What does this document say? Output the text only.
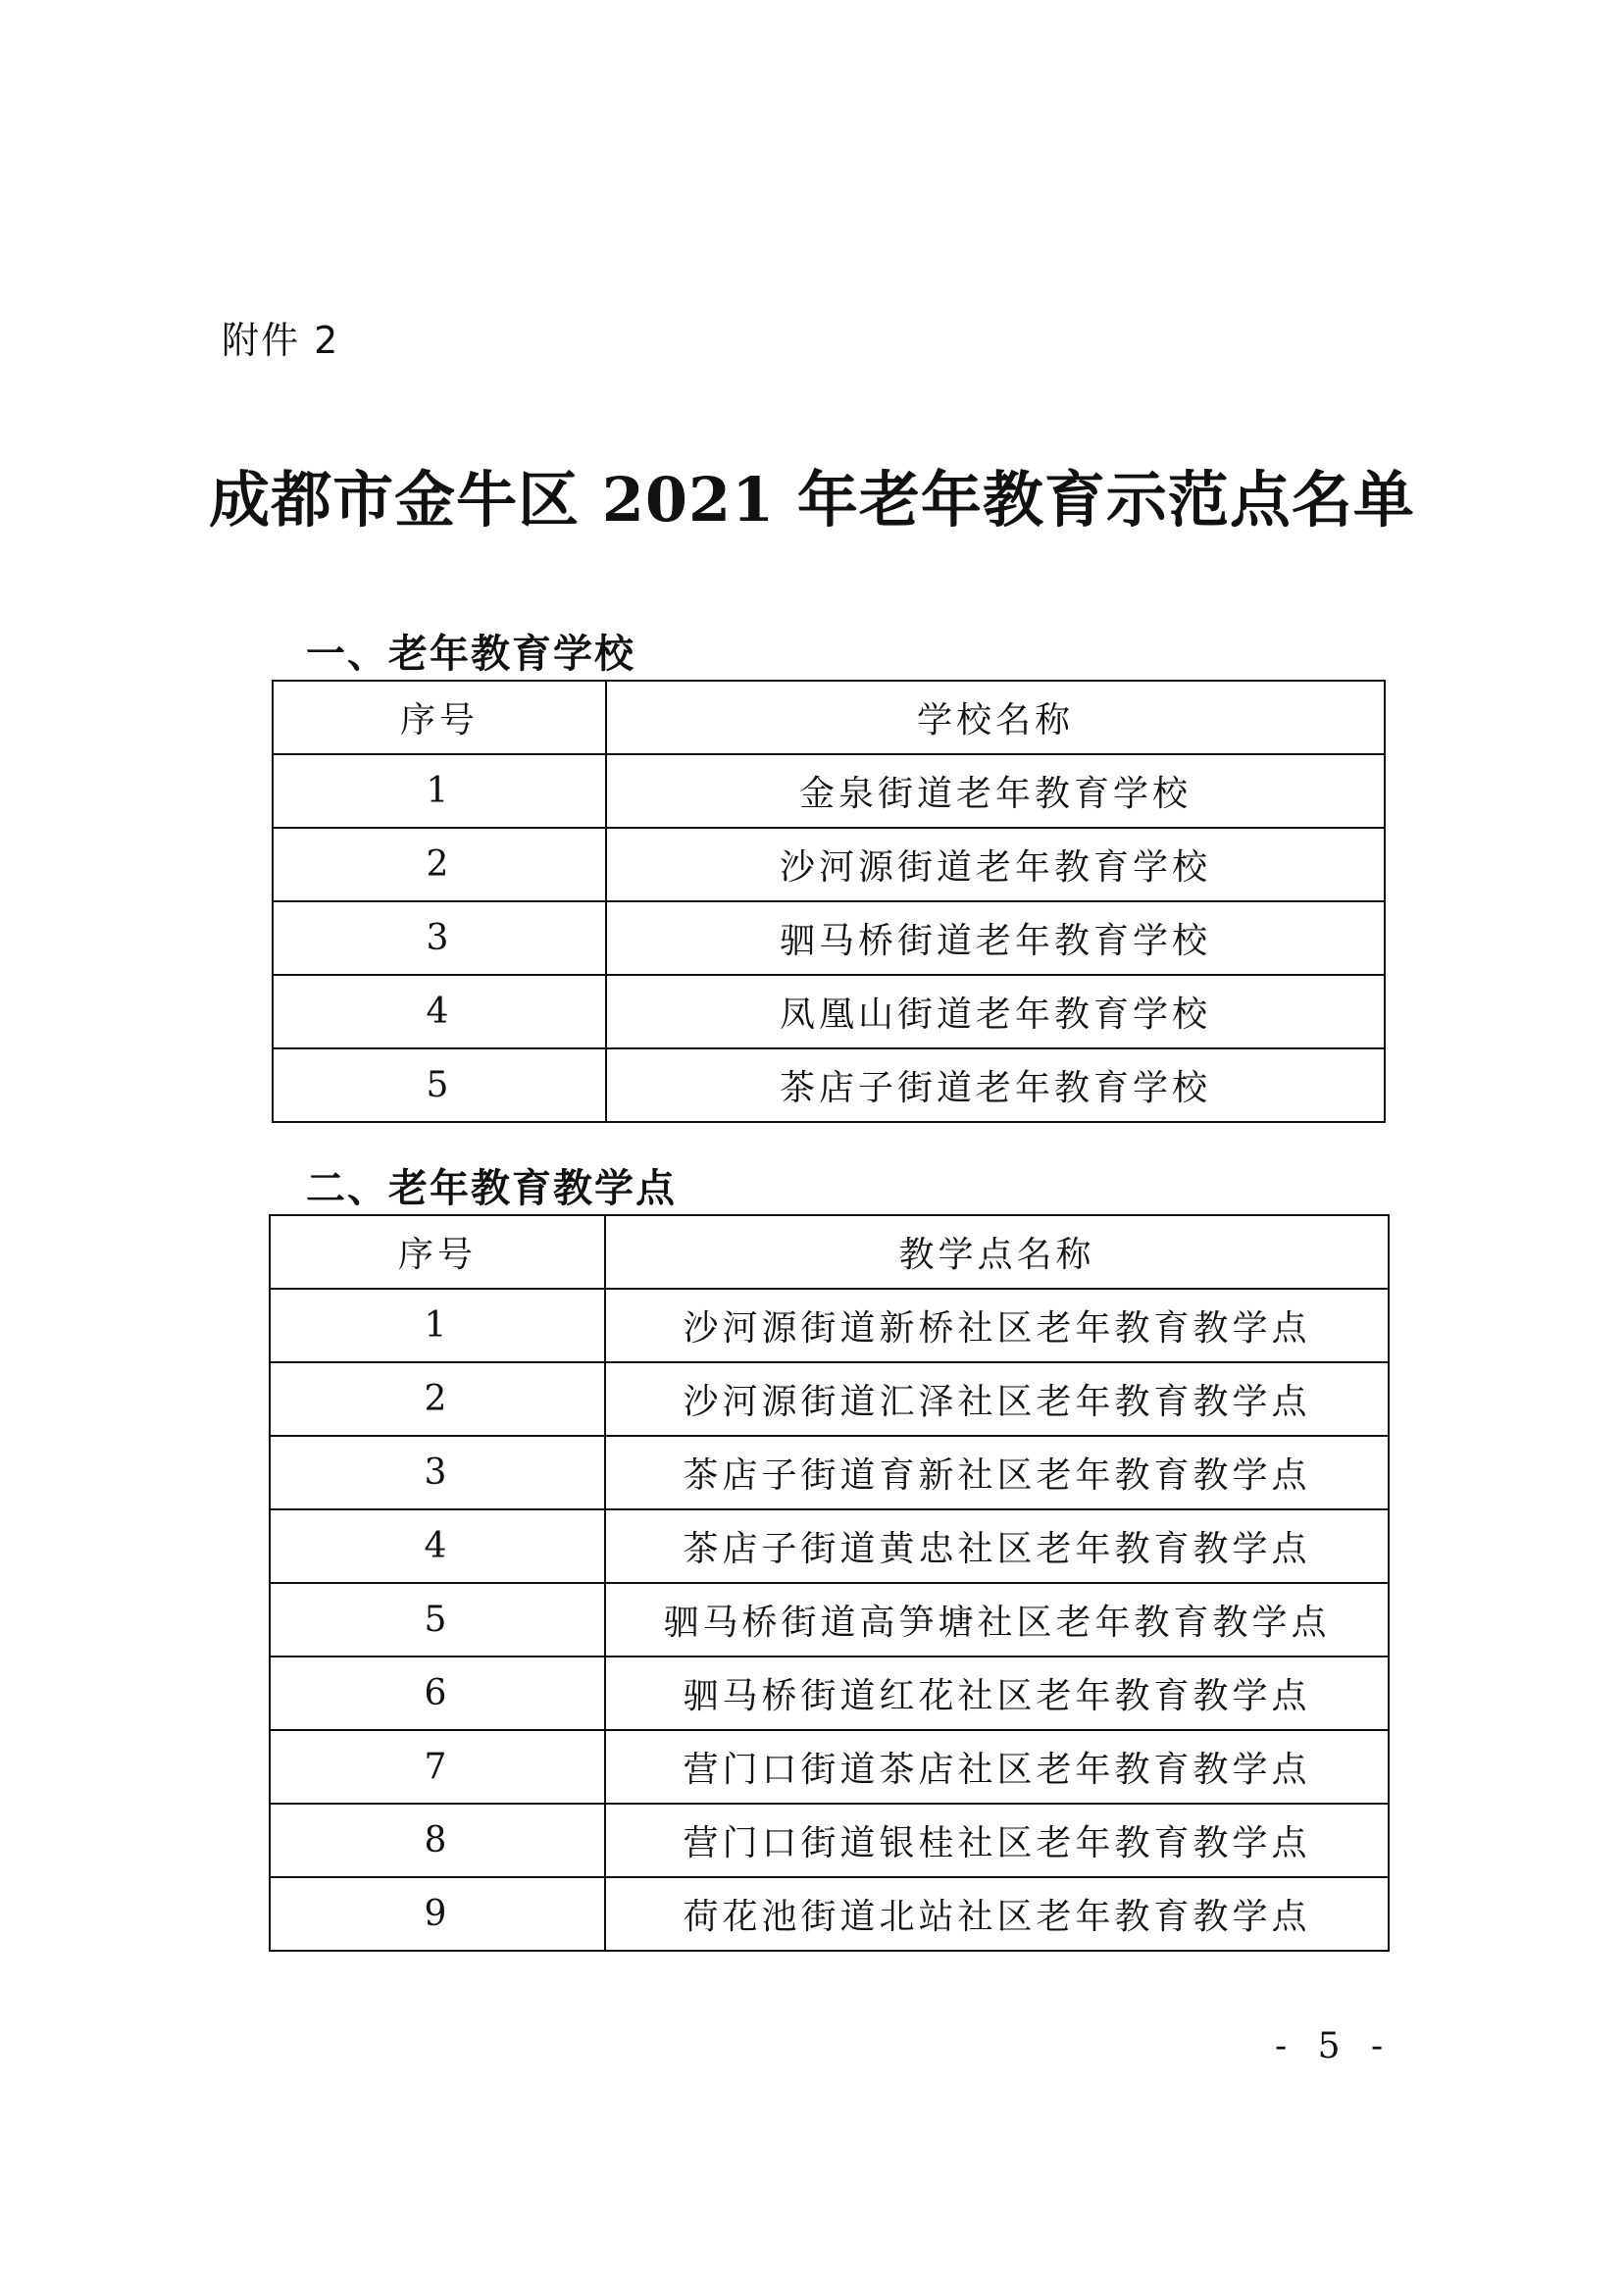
附件 2
成都市金牛区 2021 年老年教育示范点名单
一、老年教育学校
序号	学校名称
1	金泉街道老年教育学校
2	沙河源街道老年教育学校
3	驷马桥街道老年教育学校
4	凤凰山街道老年教育学校
5	茶店子街道老年教育学校
二、老年教育教学点
序号	教学点名称
1	沙河源街道新桥社区老年教育教学点
2	沙河源街道汇泽社区老年教育教学点
3	茶店子街道育新社区老年教育教学点
4	茶店子街道黄忠社区老年教育教学点
5	驷马桥街道高笋塘社区老年教育教学点
6	驷马桥街道红花社区老年教育教学点
7	营门口街道茶店社区老年教育教学点
8	营门口街道银桂社区老年教育教学点
9	荷花池街道北站社区老年教育教学点
- 5 -
